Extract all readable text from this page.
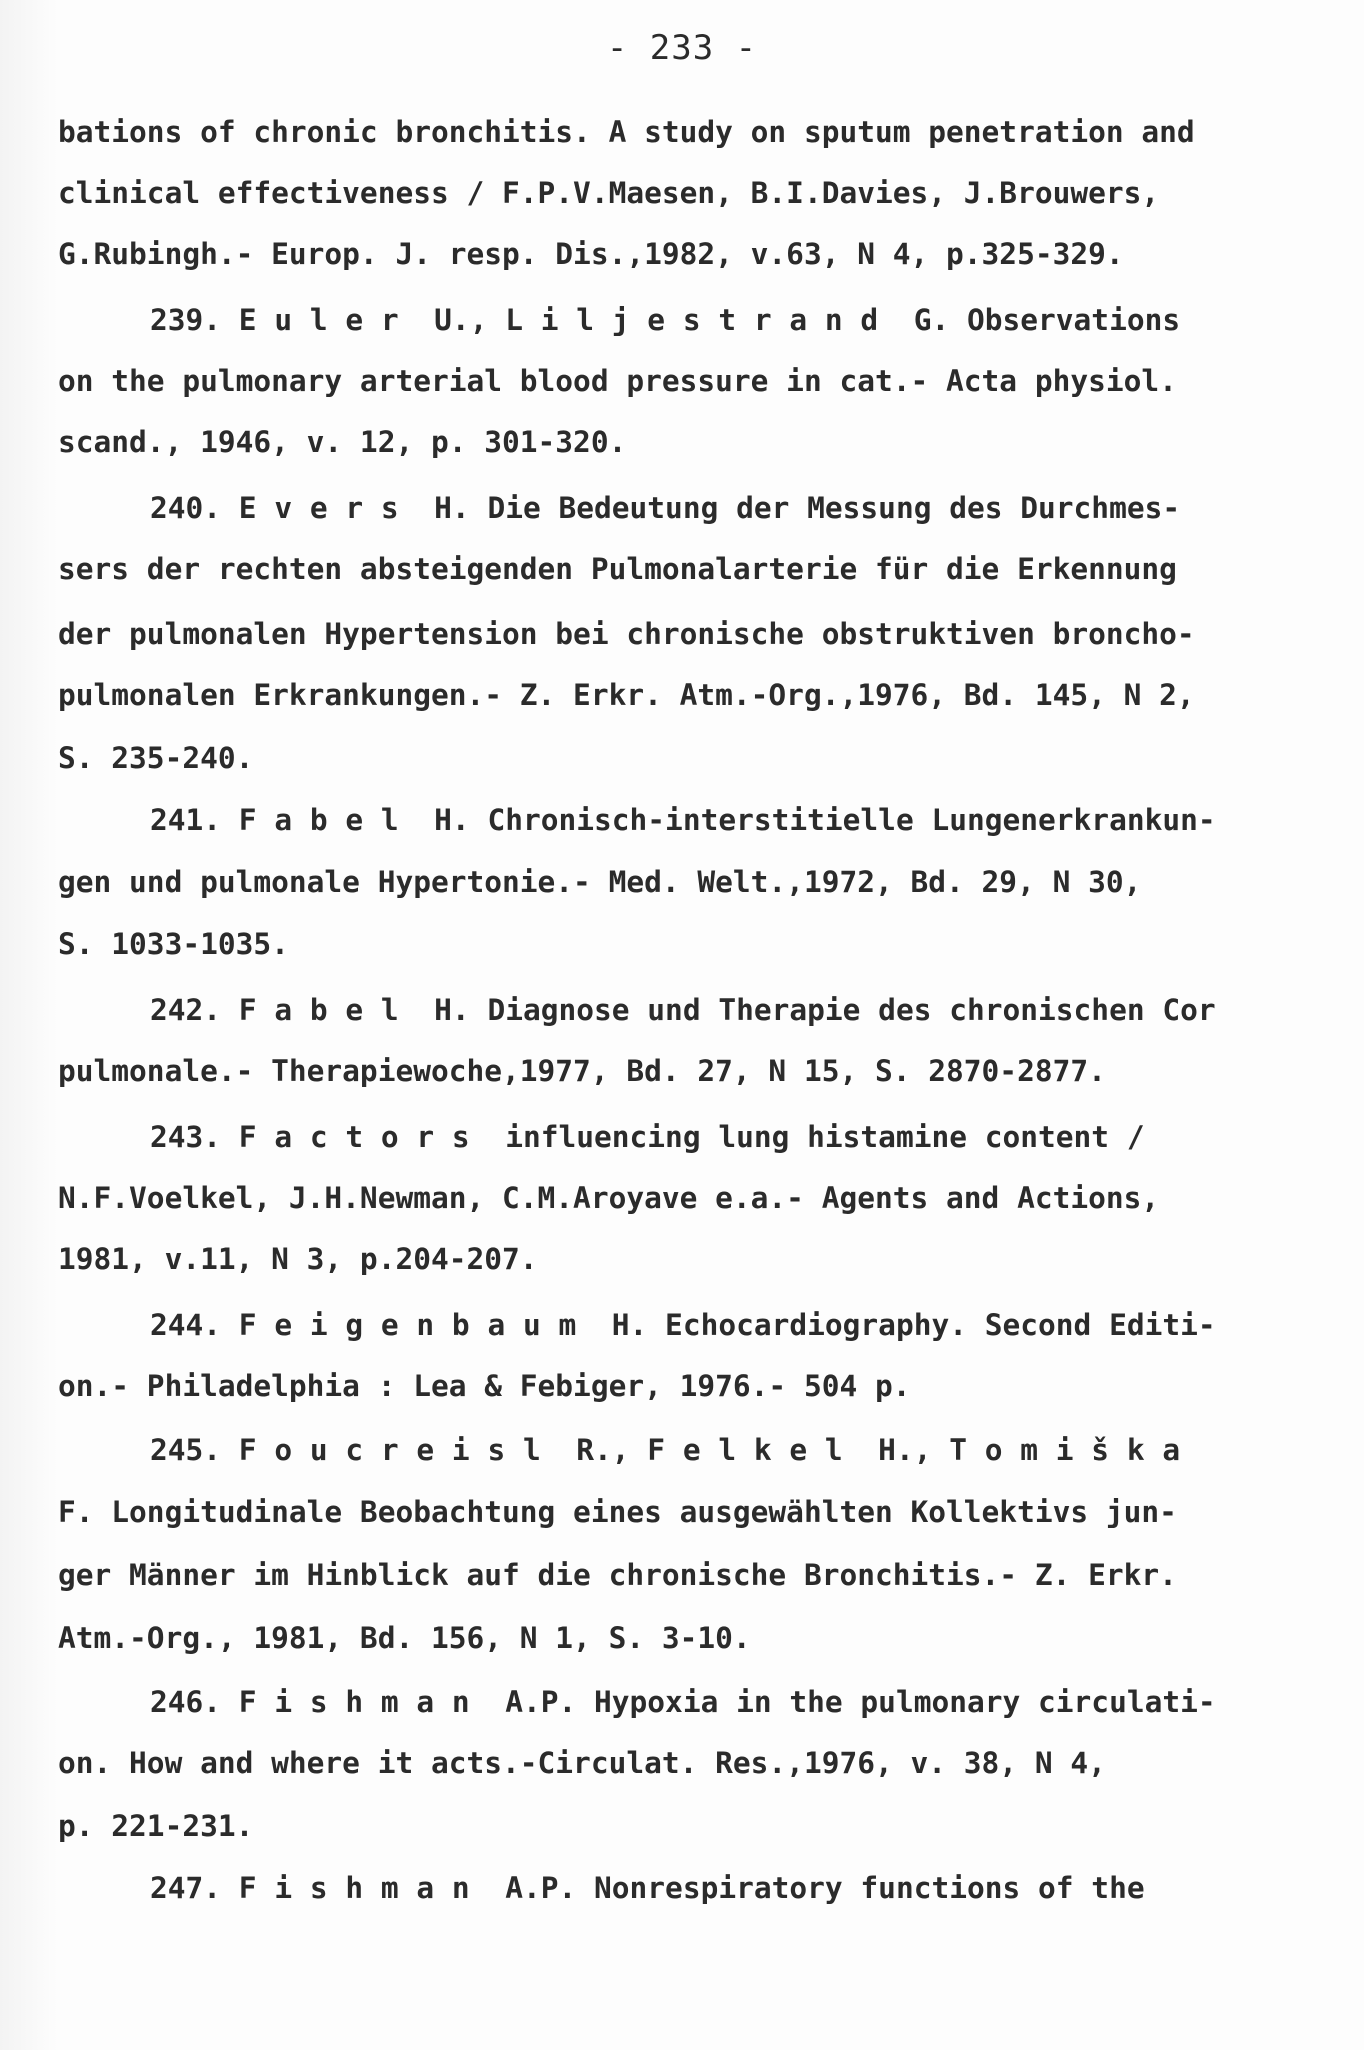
- 233 -
bations of chronic bronchitis. A study on sputum penetration and
clinical effectiveness / F.P.V.Maesen, B.I.Davies, J.Brouwers,
G.Rubingh.- Europ. J. resp. Dis.,1982, v.63, N 4, p.325-329.
239. E u l e r  U., L i l j e s t r a n d  G. Observations
on the pulmonary arterial blood pressure in cat.- Acta physiol.
scand., 1946, v. 12, p. 301-320.
240. E v e r s  H. Die Bedeutung der Messung des Durchmes-
sers der rechten absteigenden Pulmonalarterie für die Erkennung
der pulmonalen Hypertension bei chronische obstruktiven broncho-
pulmonalen Erkrankungen.- Z. Erkr. Atm.-Org.,1976, Bd. 145, N 2,
S. 235-240.
241. F a b e l  H. Chronisch-interstitielle Lungenerkrankun-
gen und pulmonale Hypertonie.- Med. Welt.,1972, Bd. 29, N 30,
S. 1033-1035.
242. F a b e l  H. Diagnose und Therapie des chronischen Cor
pulmonale.- Therapiewoche,1977, Bd. 27, N 15, S. 2870-2877.
243. F a c t o r s  influencing lung histamine content /
N.F.Voelkel, J.H.Newman, C.M.Aroyave e.a.- Agents and Actions,
1981, v.11, N 3, p.204-207.
244. F e i g e n b a u m  H. Echocardiography. Second Editi-
on.- Philadelphia : Lea & Febiger, 1976.- 504 p.
245. F o u c r e i s l  R., F e l k e l  H., T o m i š k a
F. Longitudinale Beobachtung eines ausgewählten Kollektivs jun-
ger Männer im Hinblick auf die chronische Bronchitis.- Z. Erkr.
Atm.-Org., 1981, Bd. 156, N 1, S. 3-10.
246. F i s h m a n  A.P. Hypoxia in the pulmonary circulati-
on. How and where it acts.-Circulat. Res.,1976, v. 38, N 4,
p. 221-231.
247. F i s h m a n  A.P. Nonrespiratory functions of the
